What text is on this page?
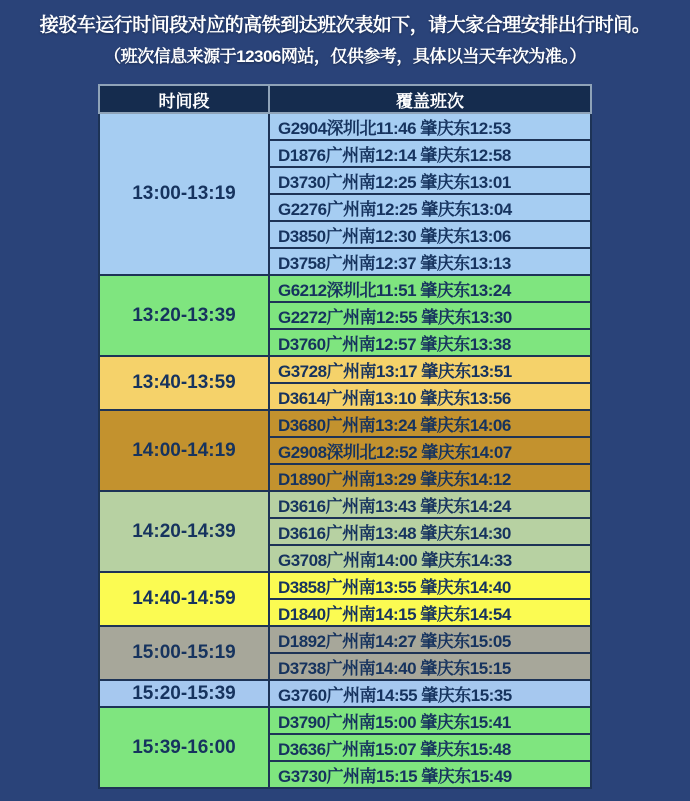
接驳车运行时间段对应的高铁到达班次表如下，请大家合理安排出行时间。
（班次信息来源于12306网站，仅供参考，具体以当天车次为准。）
时间段	覆盖班次
13:00-13:19	G2904深圳北11:46 肇庆东12:53
	D1876广州南12:14 肇庆东12:58
	D3730广州南12:25 肇庆东13:01
	G2276广州南12:25 肇庆东13:04
	D3850广州南12:30 肇庆东13:06
	D3758广州南12:37 肇庆东13:13
13:20-13:39	G6212深圳北11:51 肇庆东13:24
	G2272广州南12:55 肇庆东13:30
	D3760广州南12:57 肇庆东13:38
13:40-13:59	G3728广州南13:17 肇庆东13:51
	D3614广州南13:10 肇庆东13:56
14:00-14:19	D3680广州南13:24 肇庆东14:06
	G2908深圳北12:52 肇庆东14:07
	D1890广州南13:29 肇庆东14:12
14:20-14:39	D3616广州南13:43 肇庆东14:24
	D3616广州南13:48 肇庆东14:30
	G3708广州南14:00 肇庆东14:33
14:40-14:59	D3858广州南13:55 肇庆东14:40
	D1840广州南14:15 肇庆东14:54
15:00-15:19	D1892广州南14:27 肇庆东15:05
	D3738广州南14:40 肇庆东15:15
15:20-15:39	G3760广州南14:55 肇庆东15:35
15:39-16:00	D3790广州南15:00 肇庆东15:41
	D3636广州南15:07 肇庆东15:48
	G3730广州南15:15 肇庆东15:49
